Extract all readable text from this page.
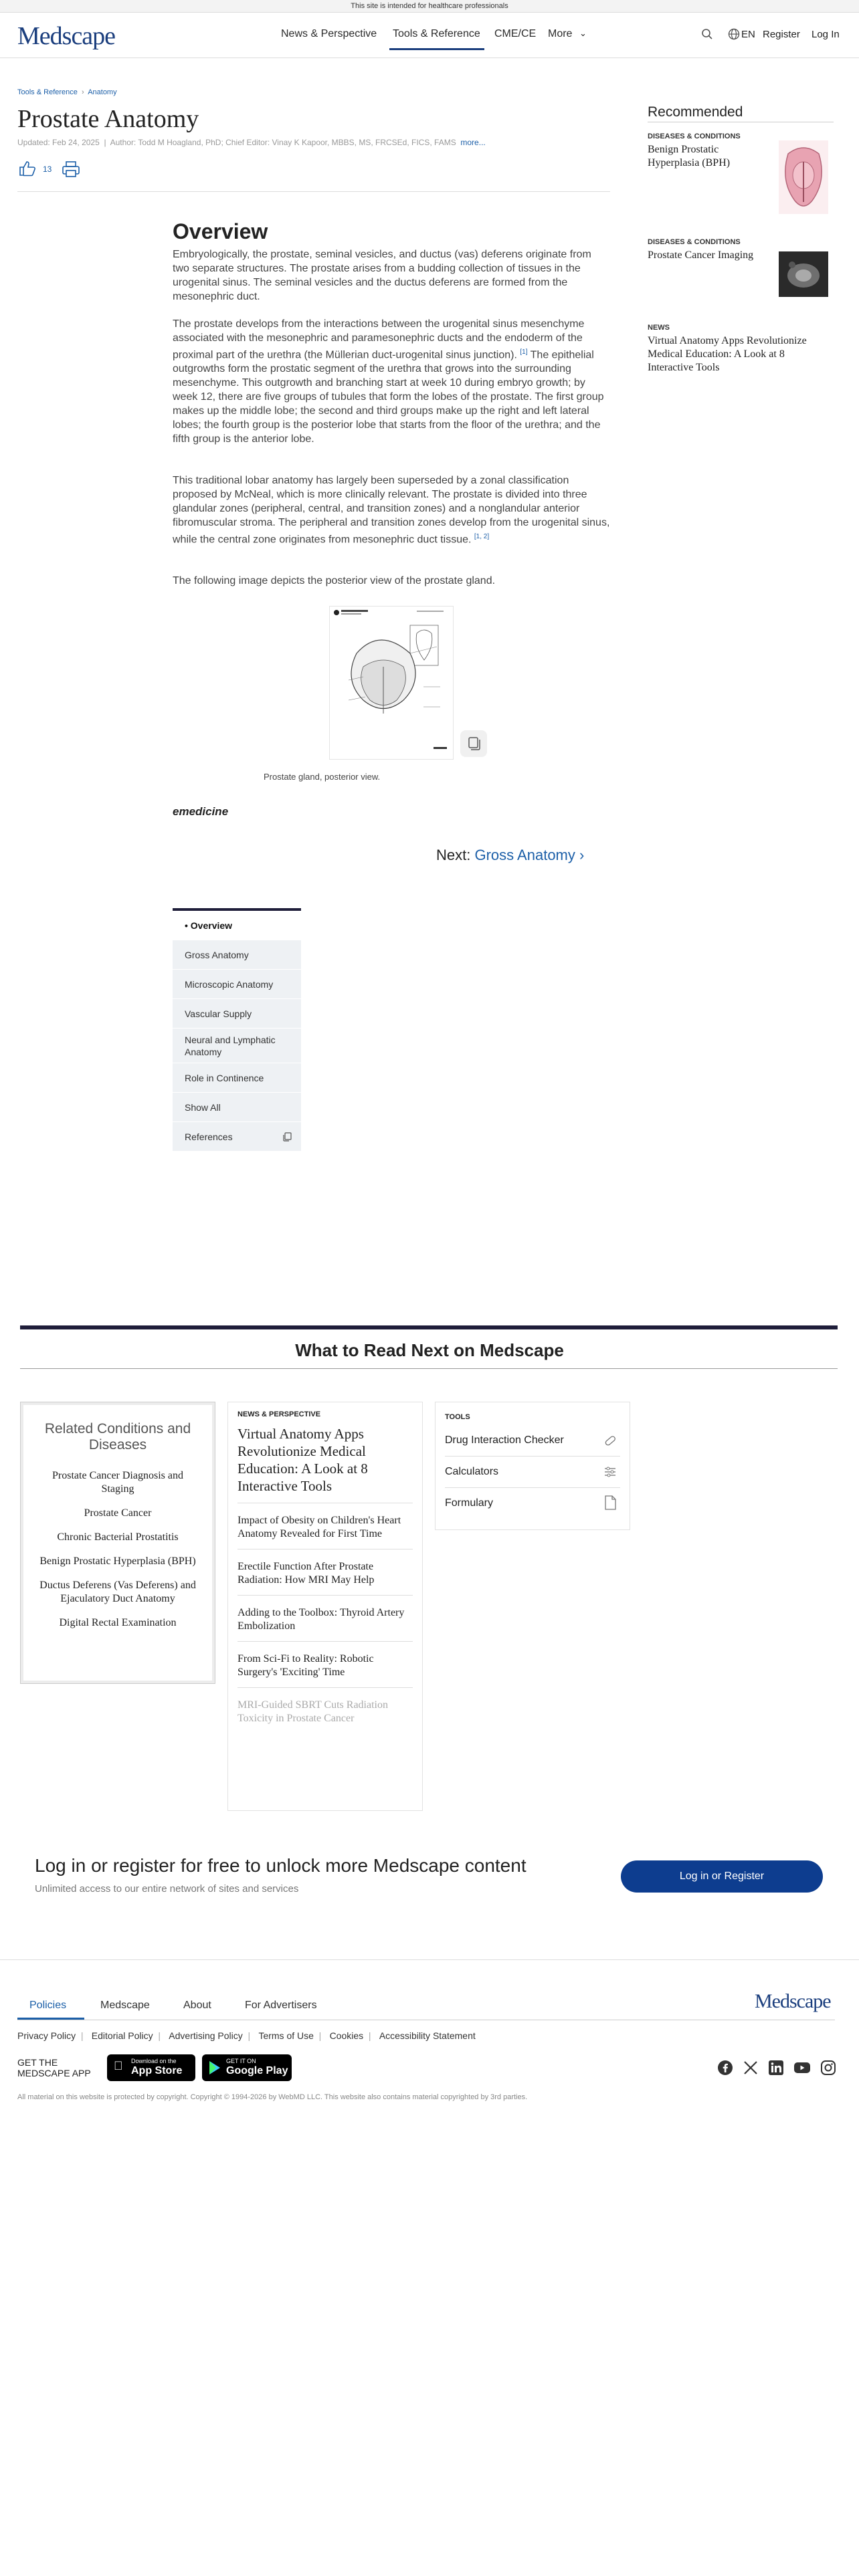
This site is intended for healthcare professionals
Medscape	News & Perspective Tools & Reference CME/CE More ⌄	EN Register Log In
Tools & Reference  ›  Anatomy
Prostate Anatomy
Updated: Feb 24, 2025  |  Author: Todd M Hoagland, PhD; Chief Editor: Vinay K Kapoor, MBBS, MS, FRCSEd, FICS, FAMS more...
13
Overview

Embryologically, the prostate, seminal vesicles, and ductus (vas) deferens originate from two separate structures. The prostate arises from a budding collection of tissues in the urogenital sinus. The seminal vesicles and the ductus deferens are formed from the mesonephric duct.

The prostate develops from the interactions between the urogenital sinus mesenchyme associated with the mesonephric and paramesonephric ducts and the endoderm of the proximal part of the urethra (the Müllerian duct-urogenital sinus junction). [1] The epithelial outgrowths form the prostatic segment of the urethra that grows into the surrounding mesenchyme. This outgrowth and branching start at week 10 during embryo growth; by week 12, there are five groups of tubules that form the lobes of the prostate. The first group makes up the middle lobe; the second and third groups make up the right and left lateral lobes; the fourth group is the posterior lobe that starts from the floor of the urethra; and the fifth group is the anterior lobe.

This traditional lobar anatomy has largely been superseded by a zonal classification proposed by McNeal, which is more clinically relevant. The prostate is divided into three glandular zones (peripheral, central, and transition zones) and a nonglandular anterior fibromuscular stroma. The peripheral and transition zones develop from the urogenital sinus, while the central zone originates from mesonephric duct tissue. [1, 2]

The following image depicts the posterior view of the prostate gland.

Prostate gland, posterior view.
emedicine
Next: Gross Anatomy ›
• Overview
Gross Anatomy
Microscopic Anatomy
Vascular Supply
Neural and Lymphatic Anatomy
Role in Continence
Show All
References
Recommended
DISEASES & CONDITIONS
Benign Prostatic Hyperplasia (BPH)
DISEASES & CONDITIONS
Prostate Cancer Imaging
NEWS
Virtual Anatomy Apps Revolutionize Medical Education: A Look at 8 Interactive Tools
What to Read Next on Medscape
Related Conditions and Diseases
Prostate Cancer Diagnosis and Staging
Prostate Cancer
Chronic Bacterial Prostatitis
Benign Prostatic Hyperplasia (BPH)
Ductus Deferens (Vas Deferens) and Ejaculatory Duct Anatomy
Digital Rectal Examination
NEWS & PERSPECTIVE
Virtual Anatomy Apps Revolutionize Medical Education: A Look at 8 Interactive Tools
Impact of Obesity on Children's Heart Anatomy Revealed for First Time
Erectile Function After Prostate Radiation: How MRI May Help
Adding to the Toolbox: Thyroid Artery Embolization
From Sci-Fi to Reality: Robotic Surgery's 'Exciting' Time
MRI-Guided SBRT Cuts Radiation Toxicity in Prostate Cancer
TOOLS
Drug Interaction Checker
Calculators
Formulary
Log in or register for free to unlock more Medscape content
Unlimited access to our entire network of sites and services
Log in or Register
Policies	Medscape	About	For Advertisers	Medscape
Privacy Policy  |   Editorial Policy  |   Advertising Policy  |   Terms of Use  |   Cookies  |   Accessibility Statement
GET THE MEDSCAPE APP
Download on the
App Store
GET IT ON
Google Play
All material on this website is protected by copyright. Copyright © 1994-2026 by WebMD LLC. This website also contains material copyrighted by 3rd parties.
